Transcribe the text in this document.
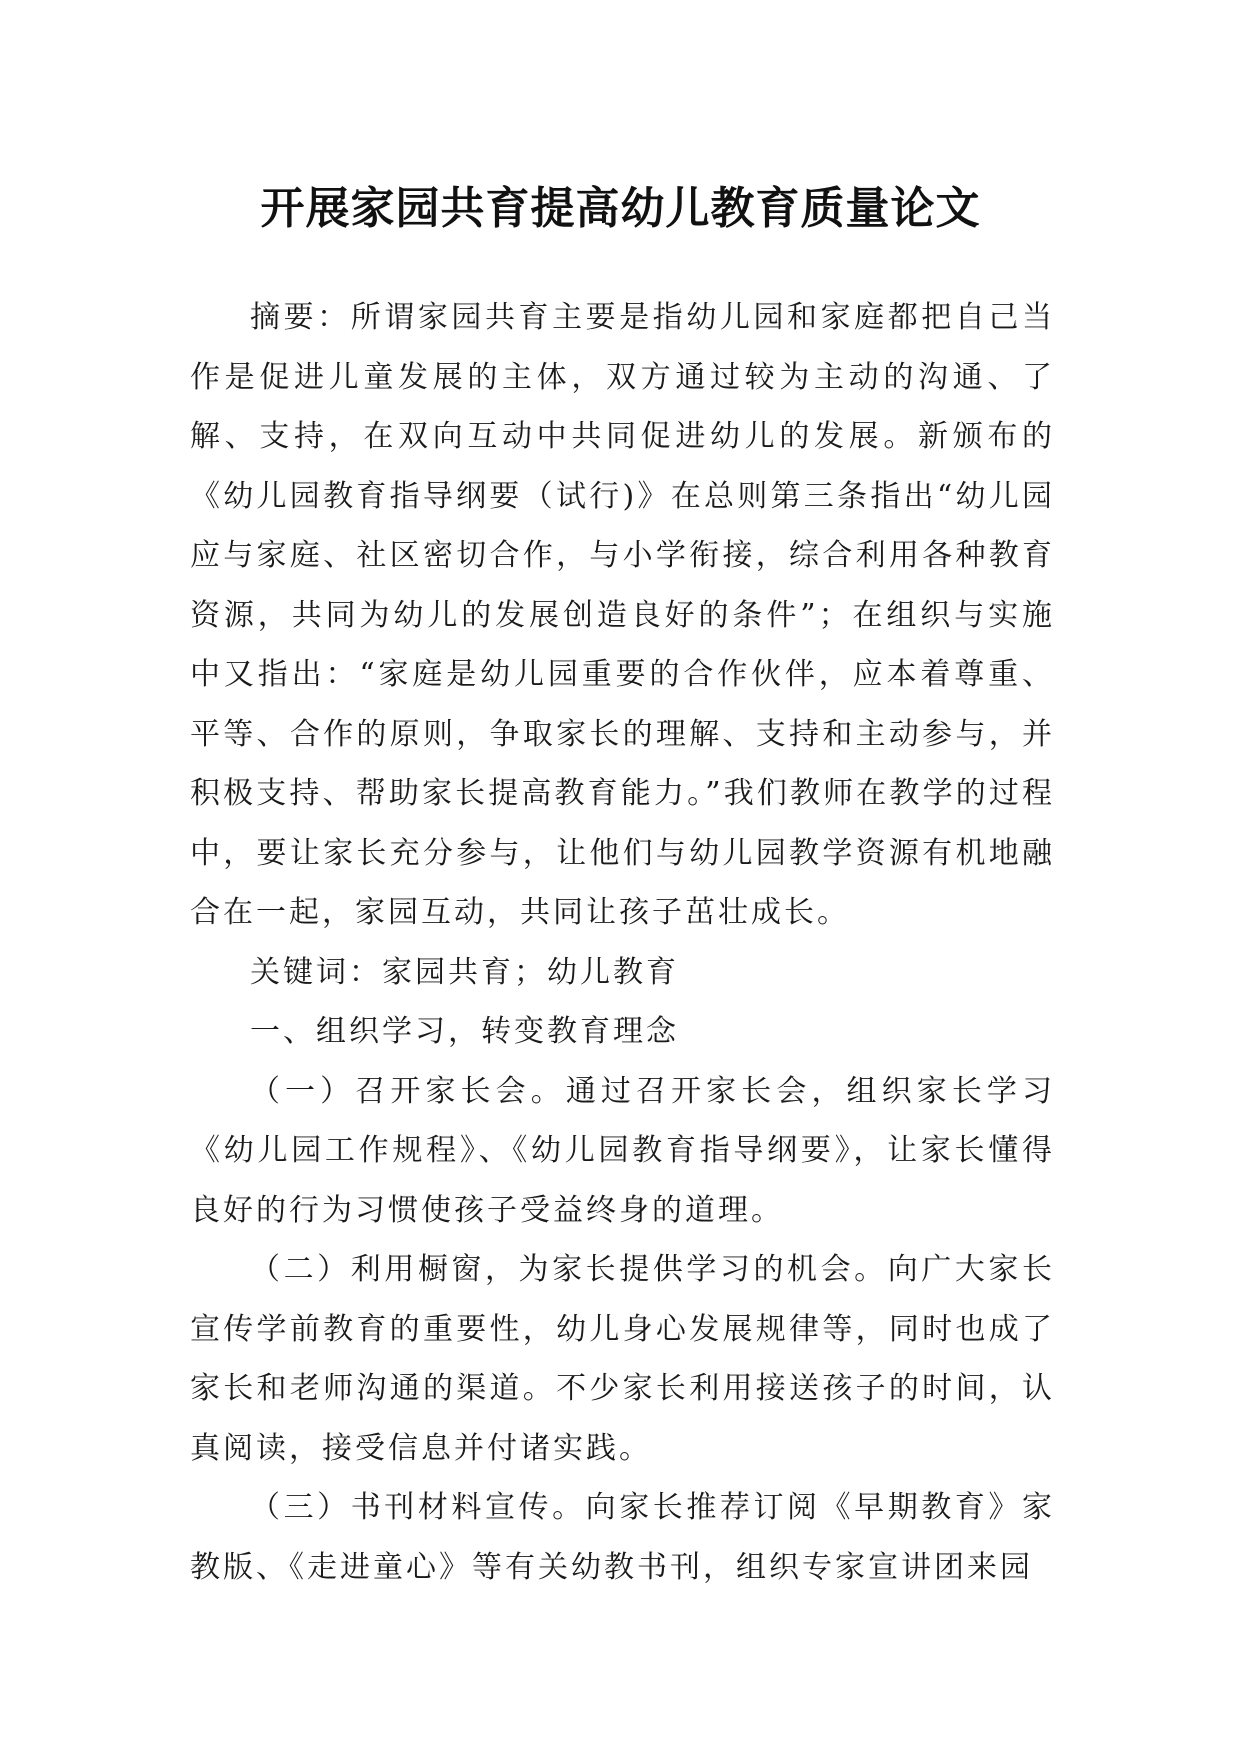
开展家园共育提高幼儿教育质量论文

摘要：所谓家园共育主要是指幼儿园和家庭都把自己当作是促进儿童发展的主体，双方通过较为主动的沟通、了解、支持，在双向互动中共同促进幼儿的发展。新颁布的《幼儿园教育指导纲要（试行)》在总则第三条指出“幼儿园应与家庭、社区密切合作，与小学衔接，综合利用各种教育资源，共同为幼儿的发展创造良好的条件”；在组织与实施中又指出：“家庭是幼儿园重要的合作伙伴，应本着尊重、平等、合作的原则，争取家长的理解、支持和主动参与，并积极支持、帮助家长提高教育能力。”我们教师在教学的过程中，要让家长充分参与，让他们与幼儿园教学资源有机地融合在一起，家园互动，共同让孩子茁壮成长。

关键词：家园共育；幼儿教育

一、组织学习，转变教育理念

（一）召开家长会。通过召开家长会，组织家长学习《幼儿园工作规程》、《幼儿园教育指导纲要》，让家长懂得良好的行为习惯使孩子受益终身的道理。

（二）利用橱窗，为家长提供学习的机会。向广大家长宣传学前教育的重要性，幼儿身心发展规律等，同时也成了家长和老师沟通的渠道。不少家长利用接送孩子的时间，认真阅读，接受信息并付诸实践。

（三）书刊材料宣传。向家长推荐订阅《早期教育》家教版、《走进童心》等有关幼教书刊，组织专家宣讲团来园
